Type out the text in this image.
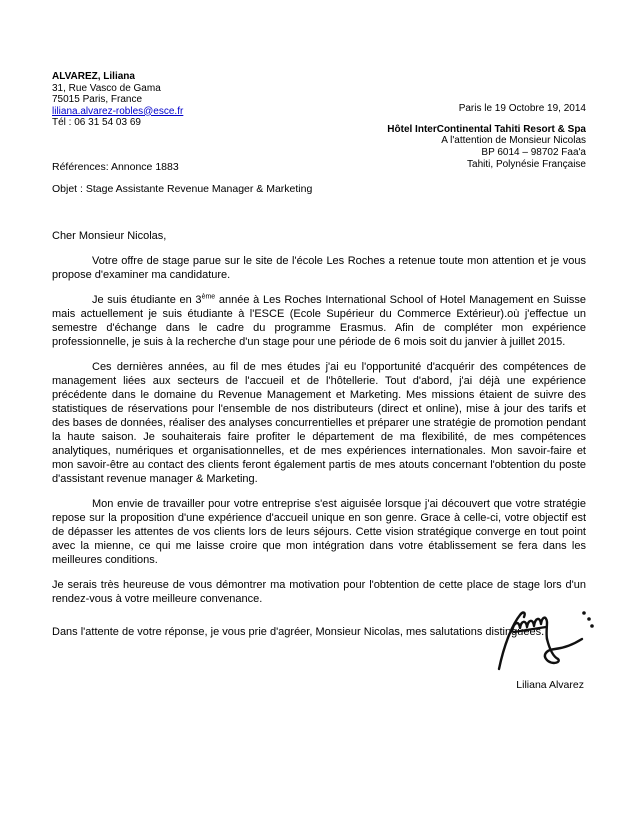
ALVAREZ, Liliana
31, Rue Vasco de Gama
75015 Paris, France
liliana.alvarez-robles@esce.fr
Tél : 06 31 54 03 69
Paris le 19 Octobre 19, 2014
Hôtel InterContinental Tahiti Resort & Spa
A l'attention de Monsieur Nicolas
BP 6014 – 98702 Faa'a
Tahiti, Polynésie Française
Références: Annonce 1883
Objet : Stage Assistante Revenue Manager & Marketing
Cher Monsieur Nicolas,

Votre offre de stage parue sur le site de l'école Les Roches a retenue toute mon attention et je vous propose d'examiner ma candidature.

Je suis étudiante en 3ème année à Les Roches International School of Hotel Management en Suisse mais actuellement je suis étudiante à l'ESCE (Ecole Supérieur du Commerce Extérieur).où j'effectue un semestre d'échange dans le cadre du programme Erasmus. Afin de compléter mon expérience professionnelle, je suis à la recherche d'un stage pour une période de 6 mois soit du janvier à juillet 2015.

Ces dernières années, au fil de mes études j'ai eu l'opportunité d'acquérir des compétences de management liées aux secteurs de l'accueil et de l'hôtellerie. Tout d'abord, j'ai déjà une expérience précédente dans le domaine du Revenue Management et Marketing. Mes missions étaient de suivre des statistiques de réservations pour l'ensemble de nos distributeurs (direct et online), mise à jour des tarifs et des bases de données, réaliser des analyses concurrentielles et préparer une stratégie de promotion pendant la haute saison. Je souhaiterais faire profiter le département de ma flexibilité, de mes compétences analytiques, numériques et organisationnelles, et de mes expériences internationales. Mon savoir-faire et mon savoir-être au contact des clients feront également partis de mes atouts concernant l'obtention du poste d'assistant revenue manager & Marketing.

Mon envie de travailler pour votre entreprise s'est aiguisée lorsque j'ai découvert que votre stratégie repose sur la proposition d'une expérience d'accueil unique en son genre. Grace à celle-ci, votre objectif est de dépasser les attentes de vos clients lors de leurs séjours. Cette vision stratégique converge en tout point avec la mienne, ce qui me laisse croire que mon intégration dans votre établissement se fera dans les meilleures conditions.

Je serais très heureuse de vous démontrer ma motivation pour l'obtention de cette place de stage lors d'un rendez-vous à votre meilleure convenance.

Dans l'attente de votre réponse, je vous prie d'agréer, Monsieur Nicolas, mes salutations distinguées.

Liliana Alvarez
